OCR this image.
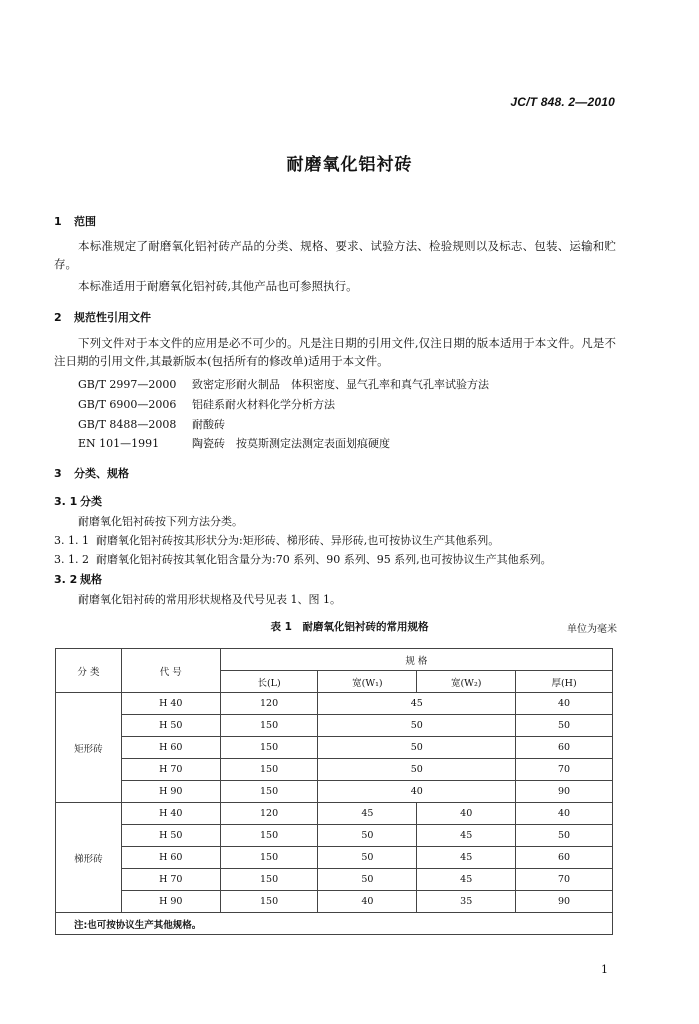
JC/T 848. 2—2010
耐磨氧化铝衬砖
1 范围
本标准规定了耐磨氧化铝衬砖产品的分类、规格、要求、试验方法、检验规则以及标志、包装、运输和贮存。
本标准适用于耐磨氧化铝衬砖,其他产品也可参照执行。
2 规范性引用文件
下列文件对于本文件的应用是必不可少的。凡是注日期的引用文件,仅注日期的版本适用于本文件。凡是不注日期的引用文件,其最新版本(包括所有的修改单)适用于本文件。
GB/T 2997—2000 致密定形耐火制品　体积密度、显气孔率和真气孔率试验方法
GB/T 6900—2006 铝硅系耐火材料化学分析方法
GB/T 8488—2008 耐酸砖
EN 101—1991	陶瓷砖　按莫斯测定法测定表面划痕硬度
3 分类、规格
3. 1 分类
耐磨氧化铝衬砖按下列方法分类。
3. 1. 1 耐磨氧化铝衬砖按其形状分为:矩形砖、梯形砖、异形砖,也可按协议生产其他系列。
3. 1. 2 耐磨氧化铝衬砖按其氧化铝含量分为:70 系列、90 系列、95 系列,也可按协议生产其他系列。
3. 2 规格
耐磨氧化铝衬砖的常用形状规格及代号见表 1、图 1。
表 1　耐磨氧化铝衬砖的常用规格	单位为毫米
分 类	代 号	规 格			
		长(L)	宽(W₁)	宽(W₂)	厚(H)
矩形砖	H 40	120	45		40
	H 50	150	50		50
	H 60	150	50		60
	H 70	150	50		70
	H 90	150	40		90
梯形砖	H 40	120	45	40	40
	H 50	150	50	45	50
	H 60	150	50	45	60
	H 70	150	50	45	70
	H 90	150	40	35	90
注:也可按协议生产其他规格。					
1
